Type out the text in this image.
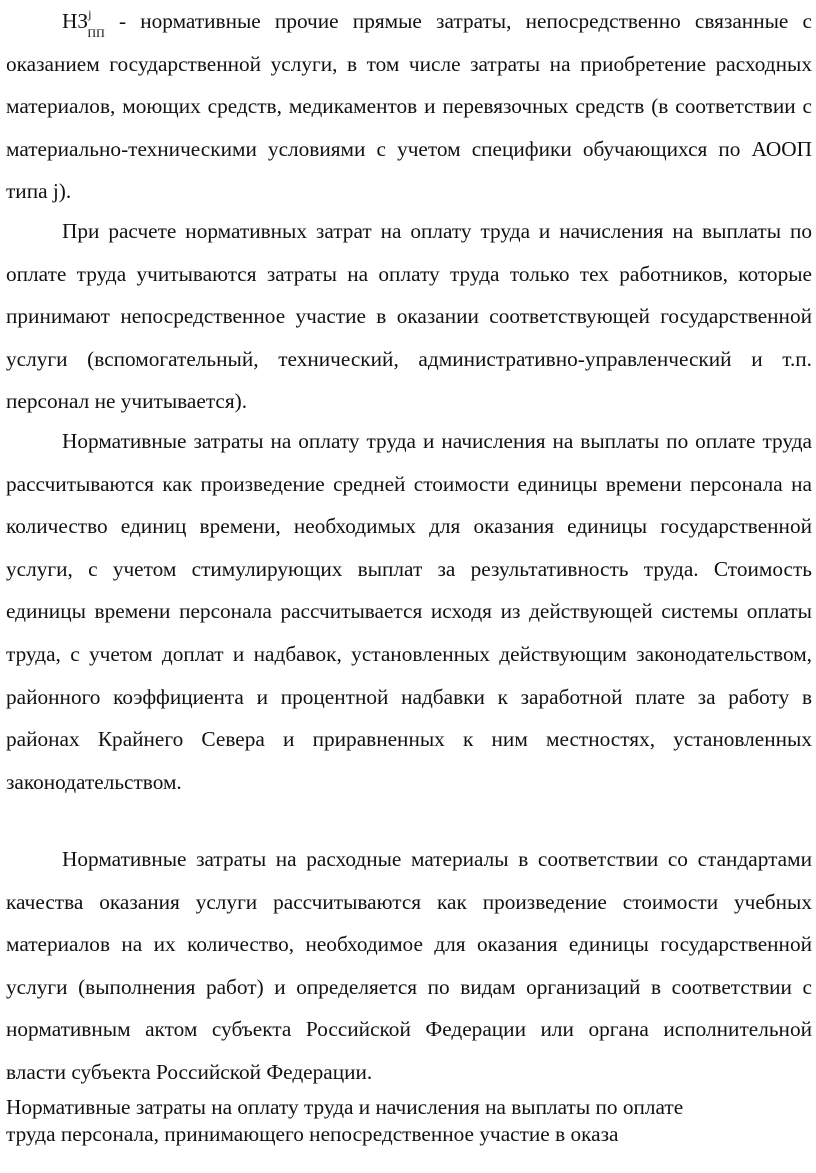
$НЗ^j_{ПП}$ - нормативные прочие прямые затраты, непосредственно связанные с оказанием государственной услуги, в том числе затраты на приобретение расходных материалов, моющих средств, медикаментов и перевязочных средств (в соответствии с материально-техническими условиями с учетом специфики обучающихся по АООП типа j).

При расчете нормативных затрат на оплату труда и начисления на выплаты по оплате труда учитываются затраты на оплату труда только тех работников, которые принимают непосредственное участие в оказании соответствующей государственной услуги (вспомогательный, технический, административно-управленческий и т.п. персонал не учитывается).

Нормативные затраты на оплату труда и начисления на выплаты по оплате труда рассчитываются как произведение средней стоимости единицы времени персонала на количество единиц времени, необходимых для оказания единицы государственной услуги, с учетом стимулирующих выплат за результативность труда. Стоимость единицы времени персонала рассчитывается исходя из действующей системы оплаты труда, с учетом доплат и надбавок, установленных действующим законодательством, районного коэффициента и процентной надбавки к заработной плате за работу в районах Крайнего Севера и приравненных к ним местностях, установленных законодательством.

Нормативные затраты на расходные материалы в соответствии со стандартами качества оказания услуги рассчитываются как произведение стоимости учебных материалов на их количество, необходимое для оказания единицы государственной услуги (выполнения работ) и определяется по видам организаций в соответствии с нормативным актом субъекта Российской Федерации или органа исполнительной власти субъекта Российской Федерации.

Нормативные затраты на оплату труда и начисления на выплаты по оплате
труда персонала, принимающего непосредственное участие в оказа
